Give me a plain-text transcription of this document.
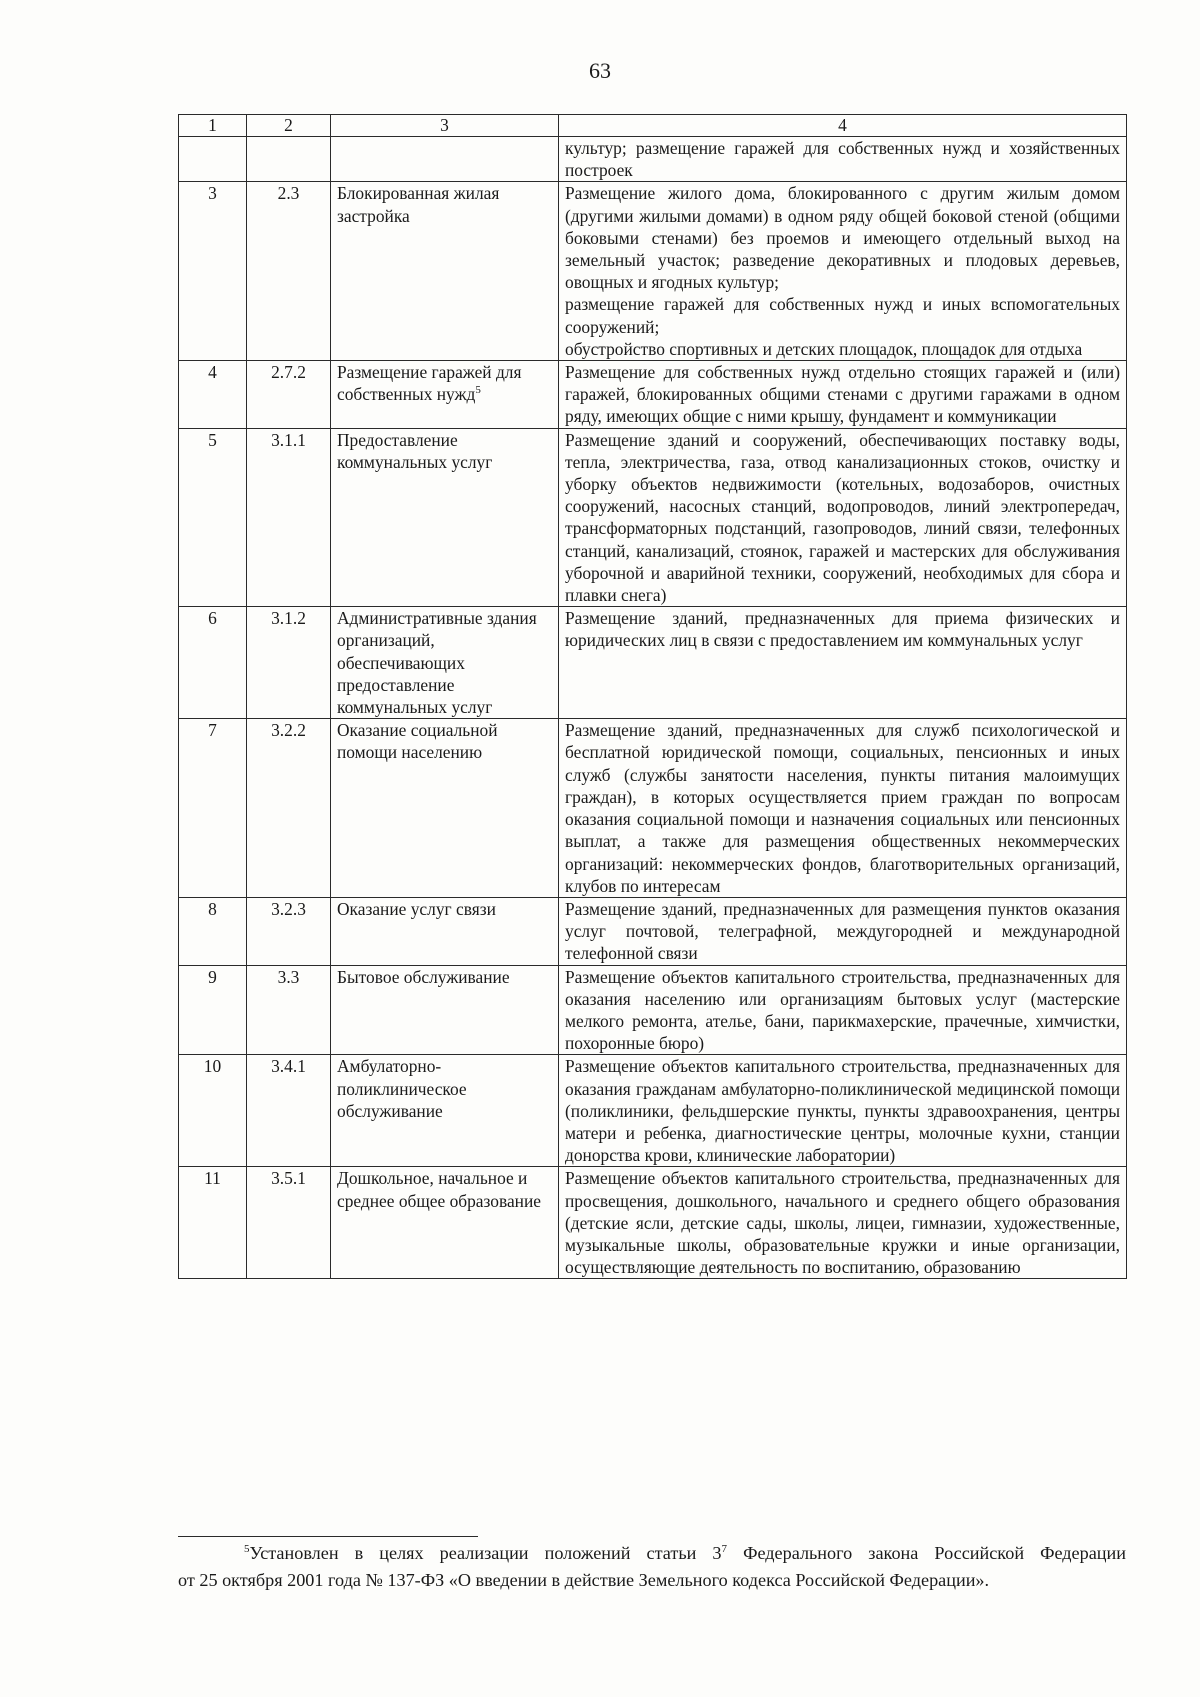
63
1	2	3	4

			культур; размещение гаражей для собственных нужд и хозяйственных построек

3	2.3	Блокированная жилая застройка	Размещение жилого дома, блокированного с другим жилым домом (другими жилыми домами) в одном ряду общей боковой стеной (общими боковыми стенами) без проемов и имеющего отдельный выход на земельный участок; разведение декоративных и плодовых деревьев, овощных и ягодных культур;
размещение гаражей для собственных нужд и иных вспомогательных сооружений;
обустройство спортивных и детских площадок, площадок для отдыха

4	2.7.2	Размещение гаражей для собственных нужд$^5$	Размещение для собственных нужд отдельно стоящих гаражей и (или) гаражей, блокированных общими стенами с другими гаражами в одном ряду, имеющих общие с ними крышу, фундамент и коммуникации

5	3.1.1	Предоставление коммунальных услуг	Размещение зданий и сооружений, обеспечивающих поставку воды, тепла, электричества, газа, отвод канализационных стоков, очистку и уборку объектов недвижимости (котельных, водозаборов, очистных сооружений, насосных станций, водопроводов, линий электропередач, трансформаторных подстанций, газопроводов, линий связи, телефонных станций, канализаций, стоянок, гаражей и мастерских для обслуживания уборочной и аварийной техники, сооружений, необходимых для сбора и плавки снега)

6	3.1.2	Административные здания организаций, обеспечивающих предоставление коммунальных услуг	Размещение зданий, предназначенных для приема физических и юридических лиц в связи с предоставлением им коммунальных услуг

7	3.2.2	Оказание социальной помощи населению	Размещение зданий, предназначенных для служб психологической и бесплатной юридической помощи, социальных, пенсионных и иных служб (службы занятости населения, пункты питания малоимущих граждан), в которых осуществляется прием граждан по вопросам оказания социальной помощи и назначения социальных или пенсионных выплат, а также для размещения общественных некоммерческих организаций: некоммерческих фондов, благотворительных организаций, клубов по интересам

8	3.2.3	Оказание услуг связи	Размещение зданий, предназначенных для размещения пунктов оказания услуг почтовой, телеграфной, междугородней и международной телефонной связи

9	3.3	Бытовое обслуживание	Размещение объектов капитального строительства, предназначенных для оказания населению или организациям бытовых услуг (мастерские мелкого ремонта, ателье, бани, парикмахерские, прачечные, химчистки, похоронные бюро)

10	3.4.1	Амбулаторно-поликлиническое обслуживание	Размещение объектов капитального строительства, предназначенных для оказания гражданам амбулаторно-поликлинической медицинской помощи (поликлиники, фельдшерские пункты, пункты здравоохранения, центры матери и ребенка, диагностические центры, молочные кухни, станции донорства крови, клинические лаборатории)

11	3.5.1	Дошкольное, начальное и среднее общее образование	Размещение объектов капитального строительства, предназначенных для просвещения, дошкольного, начального и среднего общего образования (детские ясли, детские сады, школы, лицеи, гимназии, художественные, музыкальные школы, образовательные кружки и иные организации, осуществляющие деятельность по воспитанию, образованию
$^5$Установлен в целях реализации положений статьи $3^7$ Федерального закона Российской Федерации
от 25 октября 2001 года № 137-ФЗ «О введении в действие Земельного кодекса Российской Федерации».
